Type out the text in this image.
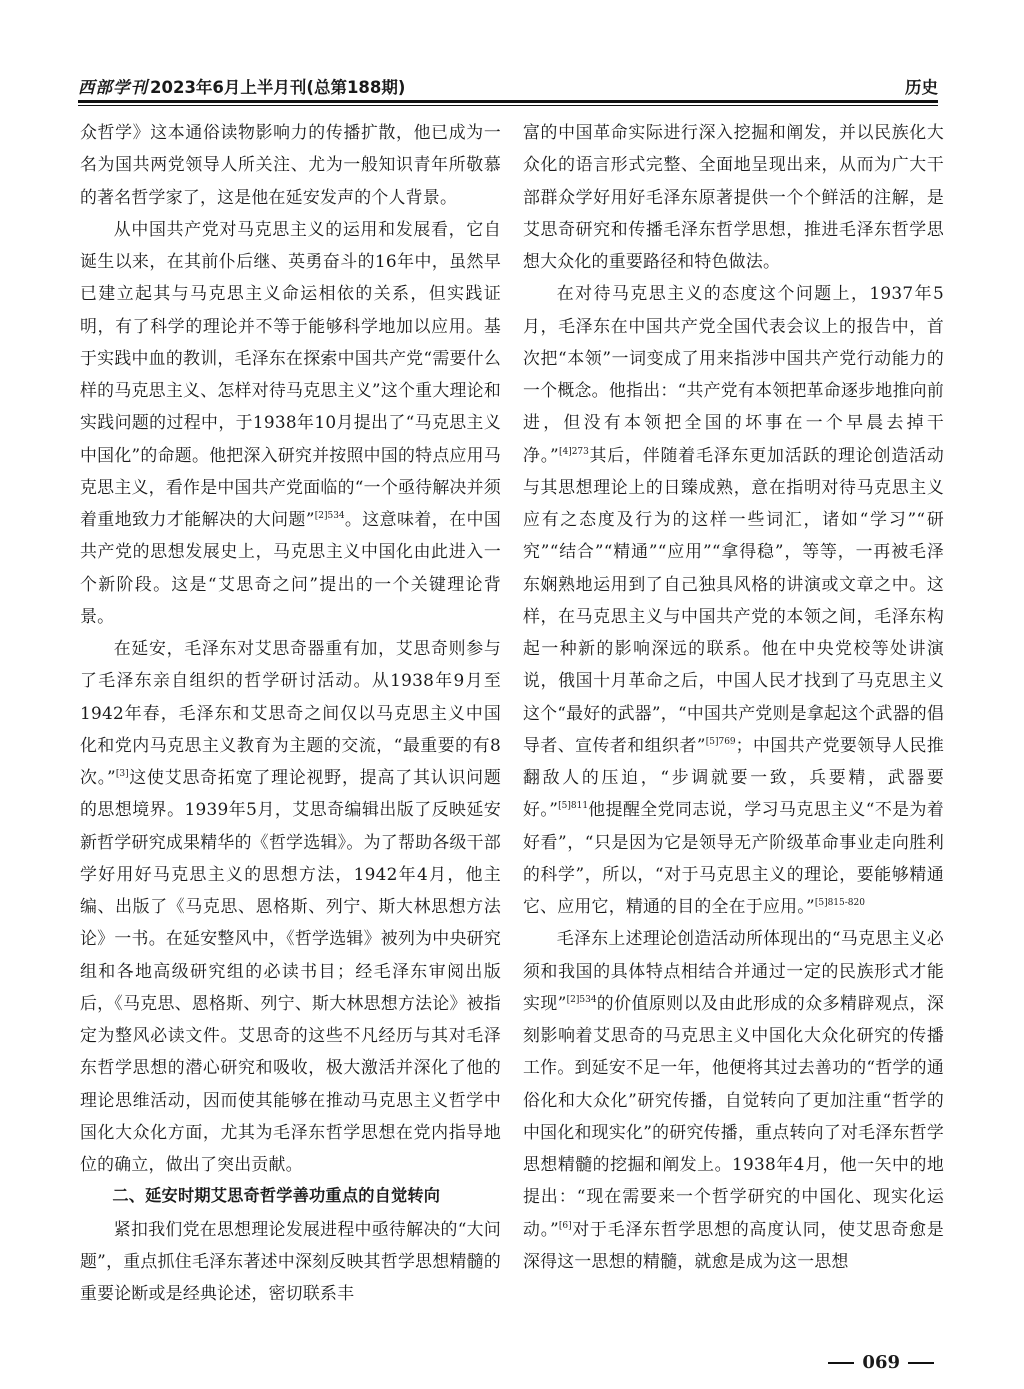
西部学刊 2023年6月上半月刊(总第188期)	历史

众哲学》这本通俗读物影响力的传播扩散，他已成为一名为国共两党领导人所关注、尤为一般知识青年所敬慕的著名哲学家了，这是他在延安发声的个人背景。

从中国共产党对马克思主义的运用和发展看，它自诞生以来，在其前仆后继、英勇奋斗的16年中，虽然早已建立起其与马克思主义命运相依的关系，但实践证明，有了科学的理论并不等于能够科学地加以应用。基于实践中血的教训，毛泽东在探索中国共产党“需要什么样的马克思主义、怎样对待马克思主义”这个重大理论和实践问题的过程中，于1938年10月提出了“马克思主义中国化”的命题。他把深入研究并按照中国的特点应用马克思主义，看作是中国共产党面临的“一个亟待解决并须着重地致力才能解决的大问题”$^{[2]534}$。这意味着，在中国共产党的思想发展史上，马克思主义中国化由此进入一个新阶段。这是“艾思奇之问”提出的一个关键理论背景。

在延安，毛泽东对艾思奇器重有加，艾思奇则参与了毛泽东亲自组织的哲学研讨活动。从1938年9月至1942年春，毛泽东和艾思奇之间仅以马克思主义中国化和党内马克思主义教育为主题的交流，“最重要的有8次。”[3]这使艾思奇拓宽了理论视野，提高了其认识问题的思想境界。1939年5月，艾思奇编辑出版了反映延安新哲学研究成果精华的《哲学选辑》。为了帮助各级干部学好用好马克思主义的思想方法，1942年4月，他主编、出版了《马克思、恩格斯、列宁、斯大林思想方法论》一书。在延安整风中，《哲学选辑》被列为中央研究组和各地高级研究组的必读书目；经毛泽东审阅出版后，《马克思、恩格斯、列宁、斯大林思想方法论》被指定为整风必读文件。艾思奇的这些不凡经历与其对毛泽东哲学思想的潜心研究和吸收，极大激活并深化了他的理论思维活动，因而使其能够在推动马克思主义哲学中国化大众化方面，尤其为毛泽东哲学思想在党内指导地位的确立，做出了突出贡献。

二、延安时期艾思奇哲学善功重点的自觉转向

紧扣我们党在思想理论发展进程中亟待解决的“大问题”，重点抓住毛泽东著述中深刻反映其哲学思想精髓的重要论断或是经典论述，密切联系丰

富的中国革命实际进行深入挖掘和阐发，并以民族化大众化的语言形式完整、全面地呈现出来，从而为广大干部群众学好用好毛泽东原著提供一个个鲜活的注解，是艾思奇研究和传播毛泽东哲学思想，推进毛泽东哲学思想大众化的重要路径和特色做法。

在对待马克思主义的态度这个问题上，1937年5月，毛泽东在中国共产党全国代表会议上的报告中，首次把“本领”一词变成了用来指涉中国共产党行动能力的一个概念。他指出：“共产党有本领把革命逐步地推向前进，但没有本领把全国的坏事在一个早晨去掉干净。”$^{[4]273}$其后，伴随着毛泽东更加活跃的理论创造活动与其思想理论上的日臻成熟，意在指明对待马克思主义应有之态度及行为的这样一些词汇，诸如“学习”“研究”“结合”“精通”“应用”“拿得稳”，等等，一再被毛泽东娴熟地运用到了自己独具风格的讲演或文章之中。这样，在马克思主义与中国共产党的本领之间，毛泽东构起一种新的影响深远的联系。他在中央党校等处讲演说，俄国十月革命之后，中国人民才找到了马克思主义这个“最好的武器”，“中国共产党则是拿起这个武器的倡导者、宣传者和组织者”$^{[5]769}$；中国共产党要领导人民推翻敌人的压迫，“步调就要一致，兵要精，武器要好。”$^{[5]811}$他提醒全党同志说，学习马克思主义“不是为着好看”，“只是因为它是领导无产阶级革命事业走向胜利的科学”，所以，“对于马克思主义的理论，要能够精通它、应用它，精通的目的全在于应用。”$^{[5]815-820}$

毛泽东上述理论创造活动所体现出的“马克思主义必须和我国的具体特点相结合并通过一定的民族形式才能实现”$^{[2]534}$的价值原则以及由此形成的众多精辟观点，深刻影响着艾思奇的马克思主义中国化大众化研究的传播工作。到延安不足一年，他便将其过去善功的“哲学的通俗化和大众化”研究传播，自觉转向了更加注重“哲学的中国化和现实化”的研究传播，重点转向了对毛泽东哲学思想精髓的挖掘和阐发上。1938年4月，他一矢中的地提出：“现在需要来一个哲学研究的中国化、现实化运动。”[6]对于毛泽东哲学思想的高度认同，使艾思奇愈是深得这一思想的精髓，就愈是成为这一思想

069
